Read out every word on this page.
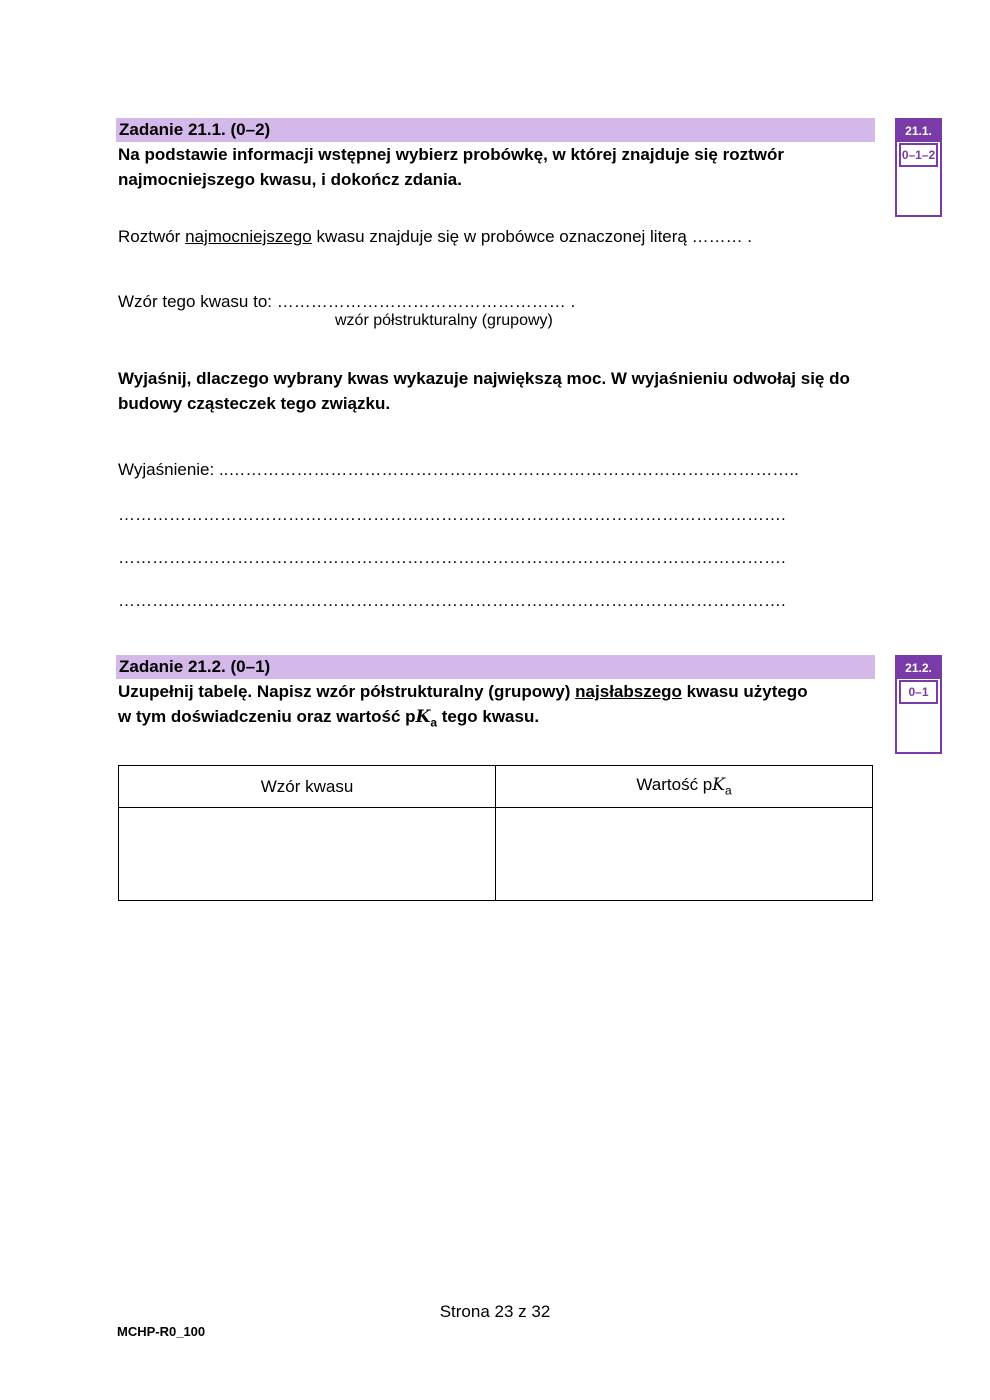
Zadanie 21.1. (0–2)	21.1.
0–1–2
Na podstawie informacji wstępnej wybierz probówkę, w której znajduje się roztwór najmocniejszego kwasu, i dokończ zdania.
Roztwór najmocniejszego kwasu znajduje się w probówce oznaczonej literą ……… .
Wzór tego kwasu to: …………………………………………… .
wzór półstrukturalny (grupowy)
Wyjaśnij, dlaczego wybrany kwas wykazuje największą moc. W wyjaśnieniu odwołaj się do budowy cząsteczek tego związku.
Wyjaśnienie: ..………………………………………………………………………………………..
……………………………………………………………………………………………………….
……………………………………………………………………………………………………….
……………………………………………………………………………………………………….
Zadanie 21.2. (0–1)	21.2.
0–1
Uzupełnij tabelę. Napisz wzór półstrukturalny (grupowy) najsłabszego kwasu użytego
w tym doświadczeniu oraz wartość $pK_a$ tego kwasu.
Wzór kwasu	Wartość $pK_a$

Strona 23 z 32
MCHP-R0_100
